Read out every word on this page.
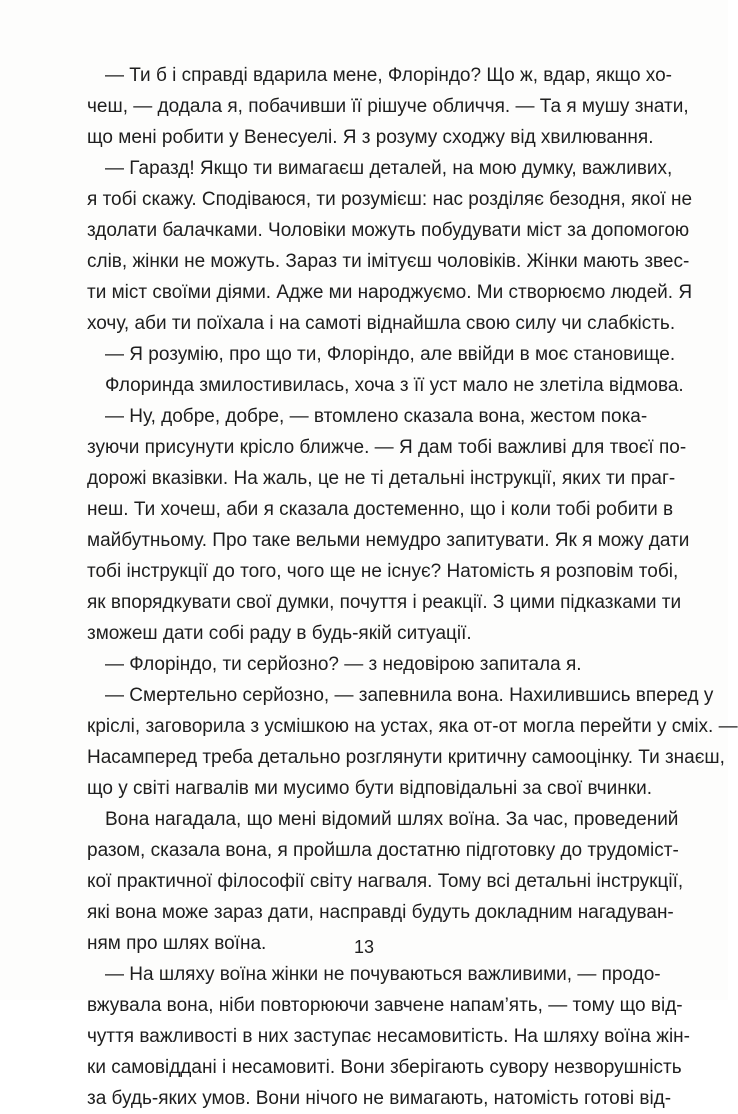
— Ти б і справді вдарила мене, Флоріндо? Що ж, вдар, якщо хо-
чеш, — додала я, побачивши її рішуче обличчя. — Та я мушу знати,
що мені робити у Венесуелі. Я з розуму сходжу від хвилювання.
— Гаразд! Якщо ти вимагаєш деталей, на мою думку, важливих,
я тобі скажу. Сподіваюся, ти розумієш: нас розділяє безодня, якої не
здолати балачками. Чоловіки можуть побудувати міст за допомогою
слів, жінки не можуть. Зараз ти імітуєш чоловіків. Жінки мають звес-
ти міст своїми діями. Адже ми народжуємо. Ми створюємо людей. Я
хочу, аби ти поїхала і на самоті віднайшла свою силу чи слабкість.
— Я розумію, про що ти, Флоріндо, але ввійди в моє становище.
Флоринда змилостивилась, хоча з її уст мало не злетіла відмова.
— Ну, добре, добре, — втомлено сказала вона, жестом пока-
зуючи присунути крісло ближче. — Я дам тобі важливі для твоєї по-
дорожі вказівки. На жаль, це не ті детальні інструкції, яких ти праг-
неш. Ти хочеш, аби я сказала достеменно, що і коли тобі робити в
майбутньому. Про таке вельми немудро запитувати. Як я можу дати
тобі інструкції до того, чого ще не існує? Натомість я розповім тобі,
як впорядкувати свої думки, почуття і реакції. З цими підказками ти
зможеш дати собі раду в будь-якій ситуації.
— Флоріндо, ти серйозно? — з недовірою запитала я.
— Смертельно серйозно, — запевнила вона. Нахилившись вперед у
кріслі, заговорила з усмішкою на устах, яка от-от могла перейти у сміх. —
Насамперед треба детально розглянути критичну самооцінку. Ти знаєш,
що у світі нагвалів ми мусимо бути відповідальні за свої вчинки.
Вона нагадала, що мені відомий шлях воїна. За час, проведений
разом, сказала вона, я пройшла достатню підготовку до трудоміст-
кої практичної філософії світу нагваля. Тому всі детальні інструкції,
які вона може зараз дати, насправді будуть докладним нагадуван-
ням про шлях воїна.
— На шляху воїна жінки не почуваються важливими, — продо-
вжувала вона, ніби повторюючи завчене напам’ять, — тому що від-
чуття важливості в них заступає несамовитість. На шляху воїна жін-
ки самовіддані і несамовиті. Вони зберігають сувору незворушність
за будь-яких умов. Вони нічого не вимагають, натомість готові від-
13
